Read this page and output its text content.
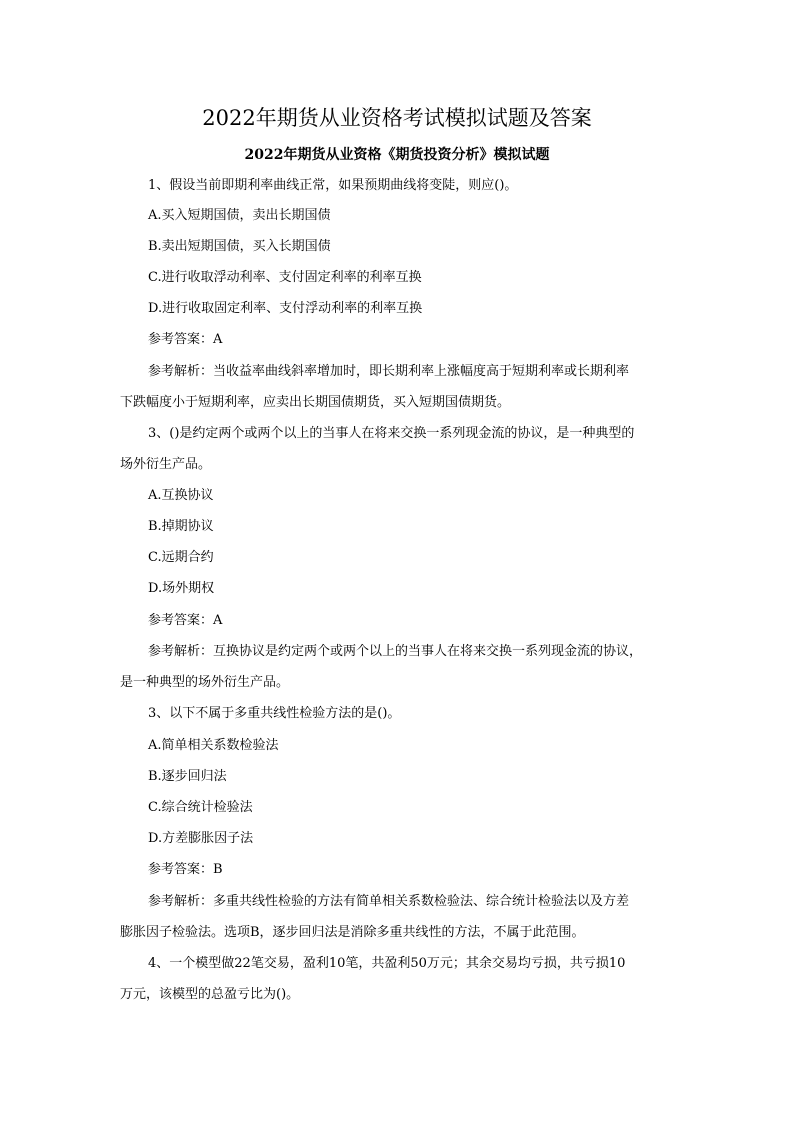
2022年期货从业资格考试模拟试题及答案
2022年期货从业资格《期货投资分析》模拟试题
1、假设当前即期利率曲线正常，如果预期曲线将变陡，则应()。
A.买入短期国债，卖出长期国债
B.卖出短期国债，买入长期国债
C.进行收取浮动利率、支付固定利率的利率互换
D.进行收取固定利率、支付浮动利率的利率互换
参考答案：A
参考解析：当收益率曲线斜率增加时，即长期利率上涨幅度高于短期利率或长期利率
下跌幅度小于短期利率，应卖出长期国债期货，买入短期国债期货。
3、()是约定两个或两个以上的当事人在将来交换一系列现金流的协议，是一种典型的
场外衍生产品。
A.互换协议
B.掉期协议
C.远期合约
D.场外期权
参考答案：A
参考解析：互换协议是约定两个或两个以上的当事人在将来交换一系列现金流的协议，
是一种典型的场外衍生产品。
3、以下不属于多重共线性检验方法的是()。
A.简单相关系数检验法
B.逐步回归法
C.综合统计检验法
D.方差膨胀因子法
参考答案：B
参考解析：多重共线性检验的方法有简单相关系数检验法、综合统计检验法以及方差
膨胀因子检验法。选项B，逐步回归法是消除多重共线性的方法，不属于此范围。
4、一个模型做22笔交易，盈利10笔，共盈利50万元；其余交易均亏损，共亏损10
万元，该模型的总盈亏比为()。
